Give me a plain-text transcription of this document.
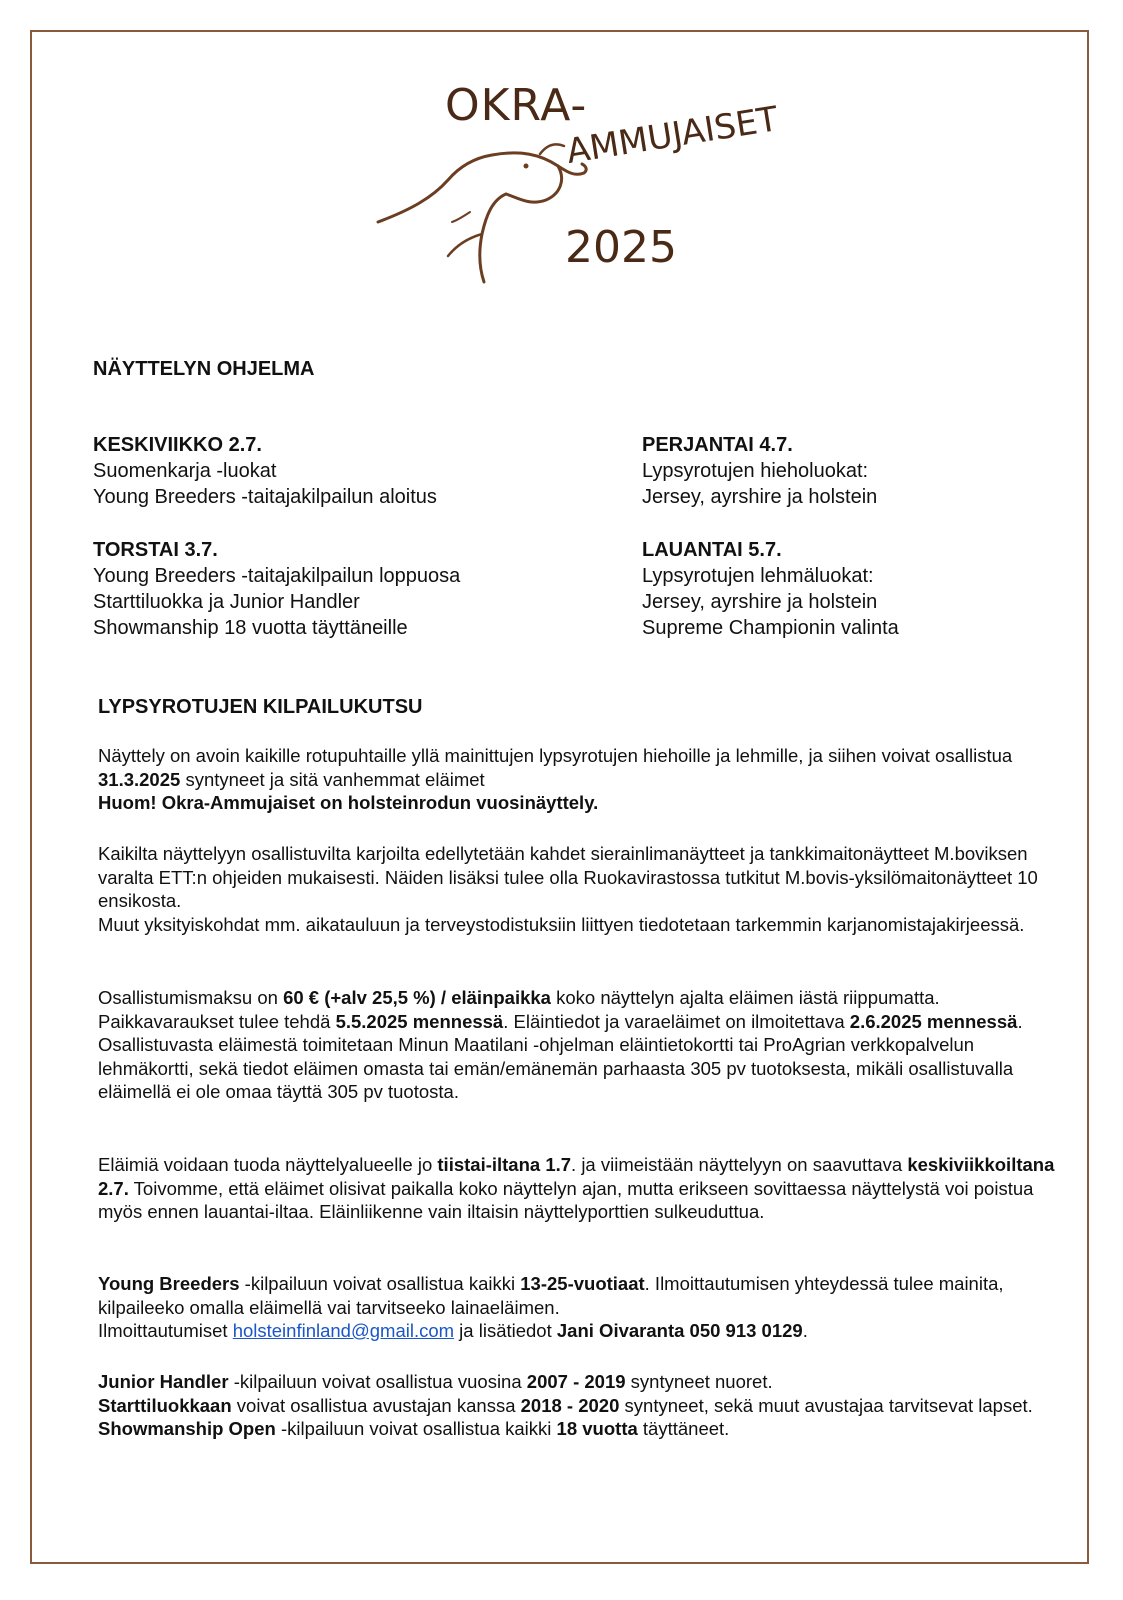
OKRA-
AMMUJAISET
2025
NÄYTTELYN OHJELMA
KESKIVIIKKO 2.7.
Suomenkarja -luokat
Young Breeders -taitajakilpailun aloitus
TORSTAI 3.7.
Young Breeders -taitajakilpailun loppuosa
Starttiluokka ja Junior Handler
Showmanship 18 vuotta täyttäneille
PERJANTAI 4.7.
Lypsyrotujen hieholuokat:
Jersey, ayrshire ja holstein
LAUANTAI 5.7.
Lypsyrotujen lehmäluokat:
Jersey, ayrshire ja holstein
Supreme Championin valinta
LYPSYROTUJEN KILPAILUKUTSU

Näyttely on avoin kaikille rotupuhtaille yllä mainittujen lypsyrotujen hiehoille ja lehmille, ja siihen voivat osallistua 31.3.2025 syntyneet ja sitä vanhemmat eläimet

Huom! Okra-Ammujaiset on holsteinrodun vuosinäyttely.

Kaikilta näyttelyyn osallistuvilta karjoilta edellytetään kahdet sierainlimanäytteet ja tankkimaitonäytteet M.boviksen varalta ETT:n ohjeiden mukaisesti. Näiden lisäksi tulee olla Ruokavirastossa tutkitut M.bovis-yksilömaitonäytteet 10 ensikosta.

Muut yksityiskohdat mm. aikatauluun ja terveystodistuksiin liittyen tiedotetaan tarkemmin karjanomistajakirjeessä.

Osallistumismaksu on 60 € (+alv 25,5 %) / eläinpaikka koko näyttelyn ajalta eläimen iästä riippumatta. Paikkavaraukset tulee tehdä 5.5.2025 mennessä. Eläintiedot ja varaeläimet on ilmoitettava 2.6.2025 mennessä. Osallistuvasta eläimestä toimitetaan Minun Maatilani -ohjelman eläintietokortti tai ProAgrian verkkopalvelun lehmäkortti, sekä tiedot eläimen omasta tai emän/emänemän parhaasta 305 pv tuotoksesta, mikäli osallistuvalla eläimellä ei ole omaa täyttä 305 pv tuotosta.

Eläimiä voidaan tuoda näyttelyalueelle jo tiistai-iltana 1.7. ja viimeistään näyttelyyn on saavuttava keskiviikkoiltana 2.7. Toivomme, että eläimet olisivat paikalla koko näyttelyn ajan, mutta erikseen sovittaessa näyttelystä voi poistua myös ennen lauantai-iltaa. Eläinliikenne vain iltaisin näyttelyporttien sulkeuduttua.

Young Breeders -kilpailuun voivat osallistua kaikki 13-25-vuotiaat. Ilmoittautumisen yhteydessä tulee mainita, kilpaileeko omalla eläimellä vai tarvitseeko lainaeläimen.

Ilmoittautumiset holsteinfinland@gmail.com ja lisätiedot Jani Oivaranta 050 913 0129.

Junior Handler -kilpailuun voivat osallistua vuosina 2007 - 2019 syntyneet nuoret.

Starttiluokkaan voivat osallistua avustajan kanssa 2018 - 2020 syntyneet, sekä muut avustajaa tarvitsevat lapset.

Showmanship Open -kilpailuun voivat osallistua kaikki 18 vuotta täyttäneet.
